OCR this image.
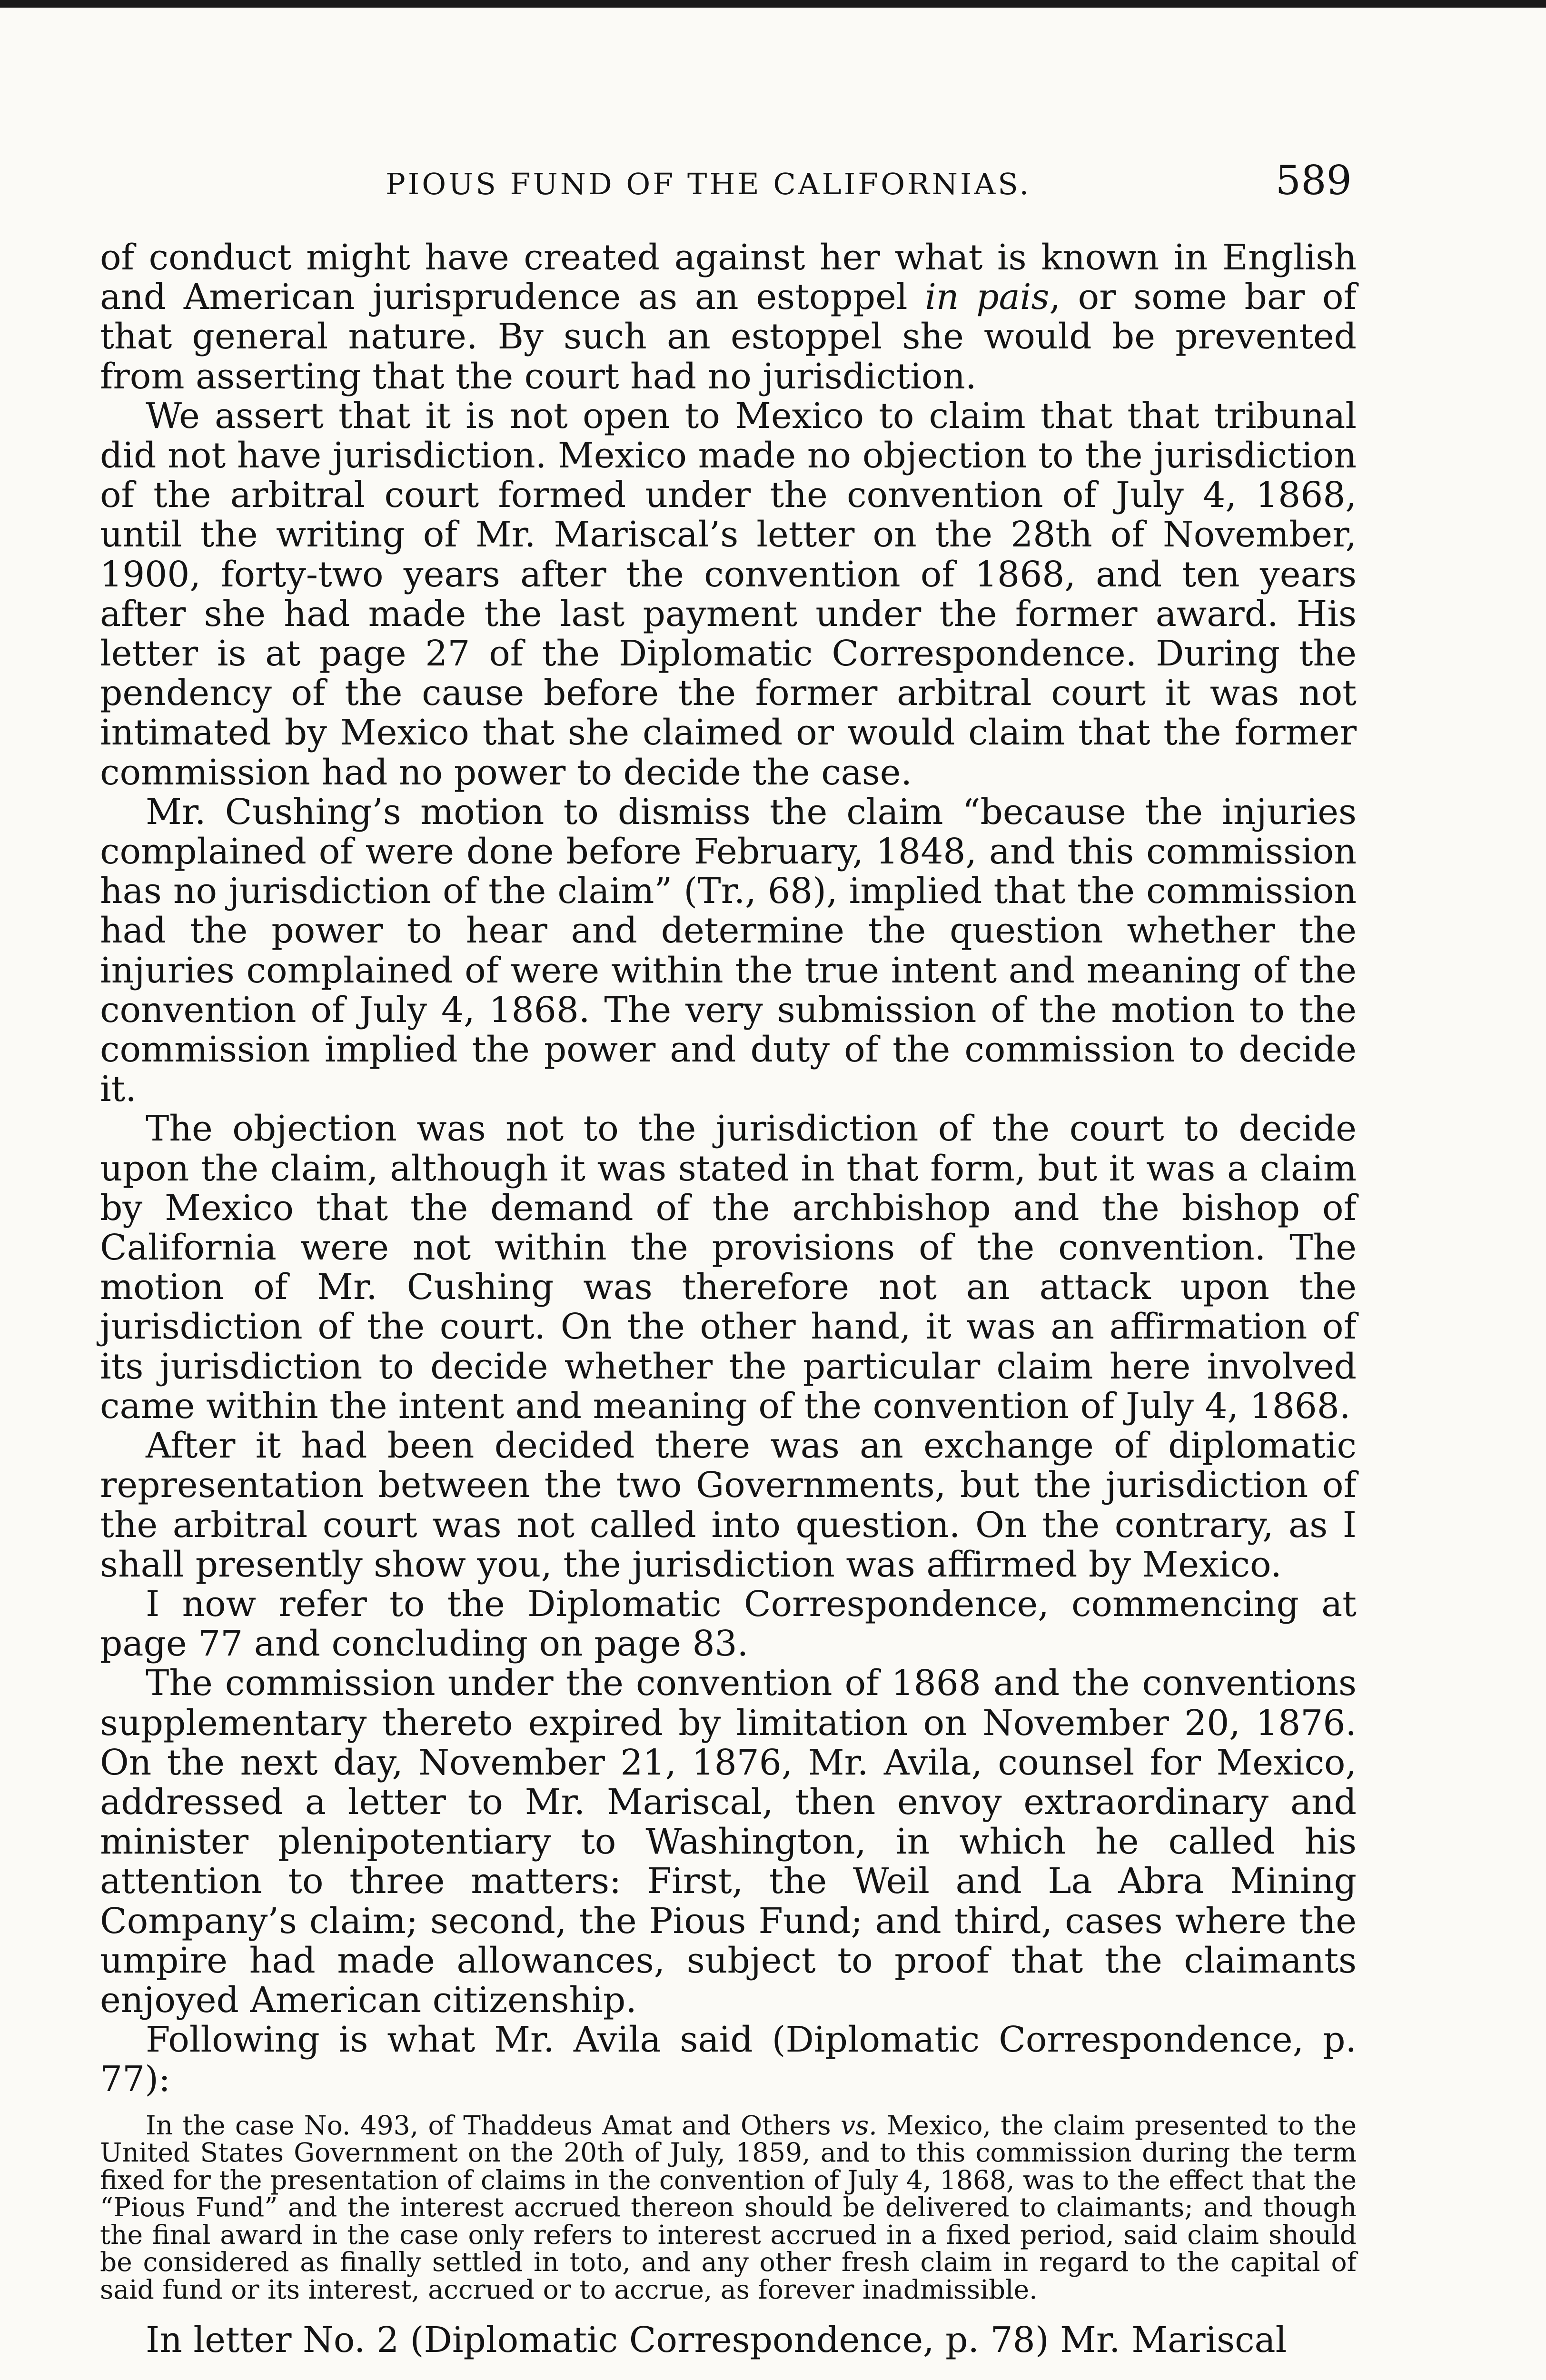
PIOUS FUND OF THE CALIFORNIAS.	589

of conduct might have created against her what is known in English and American jurisprudence as an estoppel in pais, or some bar of that general nature. By such an estoppel she would be prevented from asserting that the court had no jurisdiction.

We assert that it is not open to Mexico to claim that that tribunal did not have jurisdiction. Mexico made no objection to the jurisdiction of the arbitral court formed under the convention of July 4, 1868, until the writing of Mr. Mariscal’s letter on the 28th of November, 1900, forty-two years after the convention of 1868, and ten years after she had made the last payment under the former award. His letter is at page 27 of the Diplomatic Correspondence. During the pendency of the cause before the former arbitral court it was not intimated by Mexico that she claimed or would claim that the former commission had no power to decide the case.

Mr. Cushing’s motion to dismiss the claim “because the injuries complained of were done before February, 1848, and this commission has no jurisdiction of the claim” (Tr., 68), implied that the commission had the power to hear and determine the question whether the injuries complained of were within the true intent and meaning of the convention of July 4, 1868. The very submission of the motion to the commission implied the power and duty of the commission to decide it.

The objection was not to the jurisdiction of the court to decide upon the claim, although it was stated in that form, but it was a claim by Mexico that the demand of the archbishop and the bishop of California were not within the provisions of the convention. The motion of Mr. Cushing was therefore not an attack upon the jurisdiction of the court. On the other hand, it was an affirmation of its jurisdiction to decide whether the particular claim here involved came within the intent and meaning of the convention of July 4, 1868.

After it had been decided there was an exchange of diplomatic representation between the two Governments, but the jurisdiction of the arbitral court was not called into question. On the contrary, as I shall presently show you, the jurisdiction was affirmed by Mexico.

I now refer to the Diplomatic Correspondence, commencing at page 77 and concluding on page 83.

The commission under the convention of 1868 and the conventions supplementary thereto expired by limitation on November 20, 1876. On the next day, November 21, 1876, Mr. Avila, counsel for Mexico, addressed a letter to Mr. Mariscal, then envoy extraordinary and minister plenipotentiary to Washington, in which he called his attention to three matters: First, the Weil and La Abra Mining Company’s claim; second, the Pious Fund; and third, cases where the umpire had made allowances, subject to proof that the claimants enjoyed American citizenship.

Following is what Mr. Avila said (Diplomatic Correspondence, p. 77):

In the case No. 493, of Thaddeus Amat and Others vs. Mexico, the claim presented to the United States Government on the 20th of July, 1859, and to this commission during the term fixed for the presentation of claims in the convention of July 4, 1868, was to the effect that the “Pious Fund” and the interest accrued thereon should be delivered to claimants; and though the final award in the case only refers to interest accrued in a fixed period, said claim should be considered as finally settled in toto, and any other fresh claim in regard to the capital of said fund or its interest, accrued or to accrue, as forever inadmissible.

In letter No. 2 (Diplomatic Correspondence, p. 78) Mr. Mariscal
